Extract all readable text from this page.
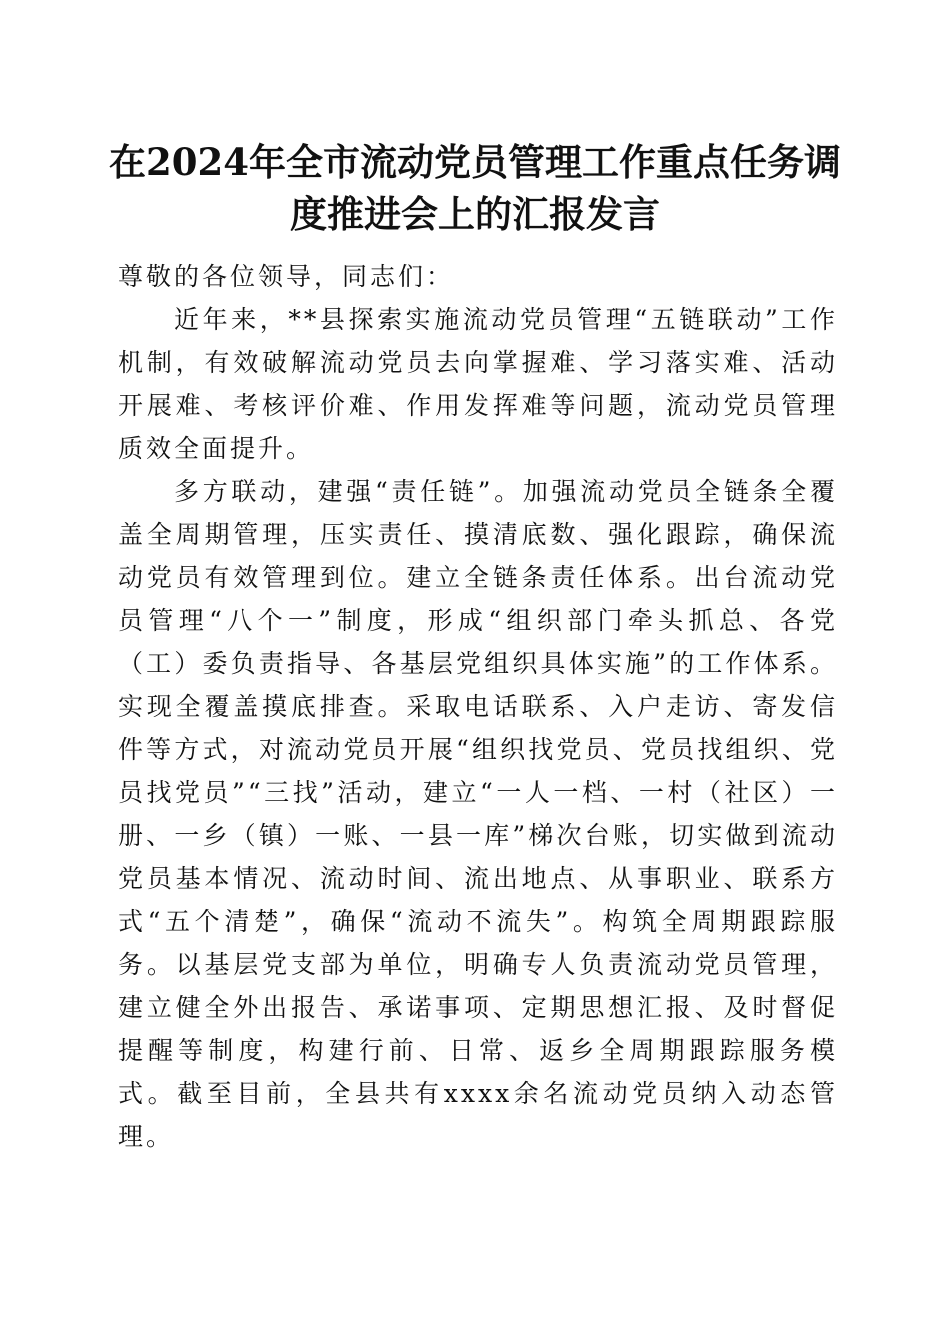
在2024年全市流动党员管理工作重点任务调
度推进会上的汇报发言

尊敬的各位领导，同志们：

近年来，**县探索实施流动党员管理“五链联动”工作机制，有效破解流动党员去向掌握难、学习落实难、活动开展难、考核评价难、作用发挥难等问题，流动党员管理质效全面提升。

多方联动，建强“责任链”。加强流动党员全链条全覆盖全周期管理，压实责任、摸清底数、强化跟踪，确保流动党员有效管理到位。建立全链条责任体系。出台流动党员管理“八个一”制度，形成“组织部门牵头抓总、各党（工）委负责指导、各基层党组织具体实施”的工作体系。实现全覆盖摸底排查。采取电话联系、入户走访、寄发信件等方式，对流动党员开展“组织找党员、党员找组织、党员找党员”“三找”活动，建立“一人一档、一村（社区）一册、一乡（镇）一账、一县一库”梯次台账，切实做到流动党员基本情况、流动时间、流出地点、从事职业、联系方式“五个清楚”，确保“流动不流失”。构筑全周期跟踪服务。以基层党支部为单位，明确专人负责流动党员管理，建立健全外出报告、承诺事项、定期思想汇报、及时督促提醒等制度，构建行前、日常、返乡全周期跟踪服务模式。截至目前，全县共有xxxx余名流动党员纳入动态管理。
